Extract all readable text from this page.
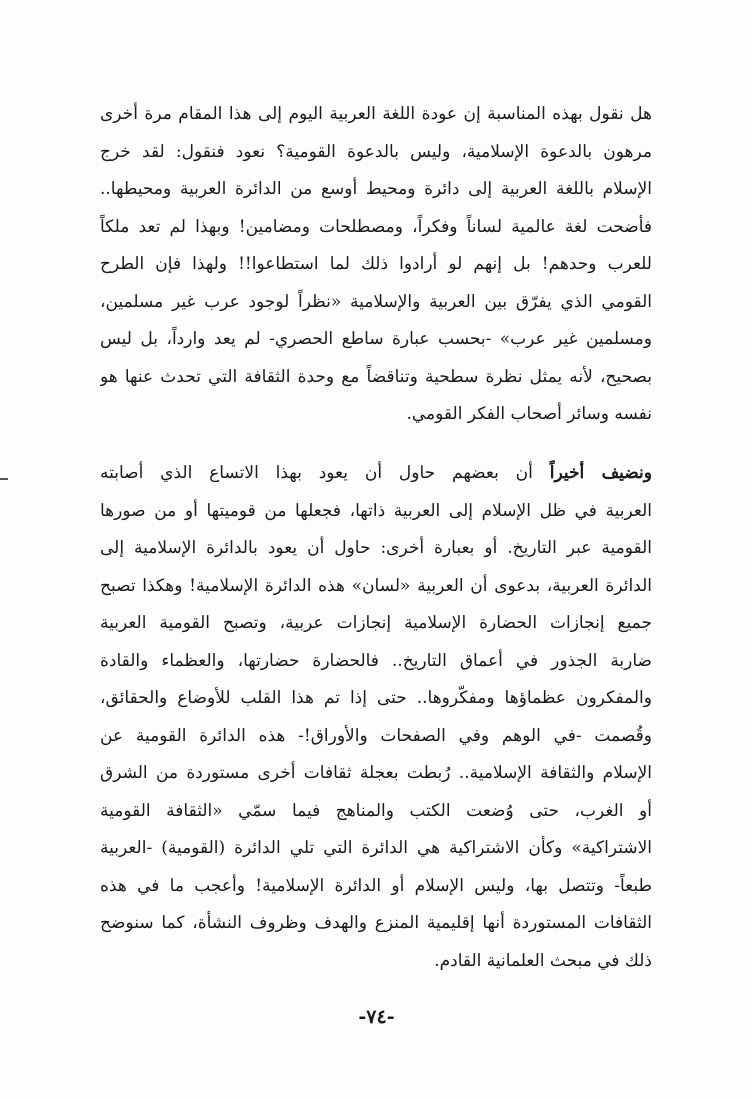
هل نقول بهذه المناسبة إن عودة اللغة العربية اليوم إلى هذا المقام مرة أخرى
مرهون بالدعوة الإسلامية، وليس بالدعوة القومية؟ نعود فنقول: لقد خرج
الإسلام باللغة العربية إلى دائرة ومحيط أوسع من الدائرة العربية ومحيطها..
فأضحت لغة عالمية لساناً وفكراً، ومصطلحات ومضامين! وبهذا لم تعد ملكاً
للعرب وحدهم! بل إنهم لو أرادوا ذلك لما استطاعوا!! ولهذا فإن الطرح
القومي الذي يفرّق بين العربية والإسلامية «نظراً لوجود عرب غير مسلمين،
ومسلمين غير عرب» -بحسب عبارة ساطع الحصري- لم يعد وارداً، بل ليس
بصحيح، لأنه يمثل نظرة سطحية وتناقضاً مع وحدة الثقافة التي تحدث عنها هو
نفسه وسائر أصحاب الفكر القومي.
ونضيف أخيراً أن بعضهم حاول أن يعود بهذا الاتساع الذي أصابته
العربية في ظل الإسلام إلى العربية ذاتها، فجعلها من قوميتها أو من صورها
القومية عبر التاريخ. أو بعبارة أخرى: حاول أن يعود بالدائرة الإسلامية إلى
الدائرة العربية، بدعوى أن العربية «لسان» هذه الدائرة الإسلامية! وهكذا تصبح
جميع إنجازات الحضارة الإسلامية إنجازات عربية، وتصبح القومية العربية
ضاربة الجذور في أعماق التاريخ.. فالحضارة حضارتها، والعظماء والقادة
والمفكرون عظماؤها ومفكّروها.. حتى إذا تم هذا القلب للأوضاع والحقائق،
وقُصمت -في الوهم وفي الصفحات والأوراق!- هذه الدائرة القومية عن
الإسلام والثقافة الإسلامية.. رُبطت بعجلة ثقافات أخرى مستوردة من الشرق
أو الغرب، حتى وُضعت الكتب والمناهج فيما سمّي «الثقافة القومية
الاشتراكية» وكأن الاشتراكية هي الدائرة التي تلي الدائرة (القومية) -العربية
طبعاً- وتتصل بها، وليس الإسلام أو الدائرة الإسلامية! وأعجب ما في هذه
الثقافات المستوردة أنها إقليمية المنزع والهدف وظروف النشأة، كما سنوضح
ذلك في مبحث العلمانية القادم.
-٧٤-
